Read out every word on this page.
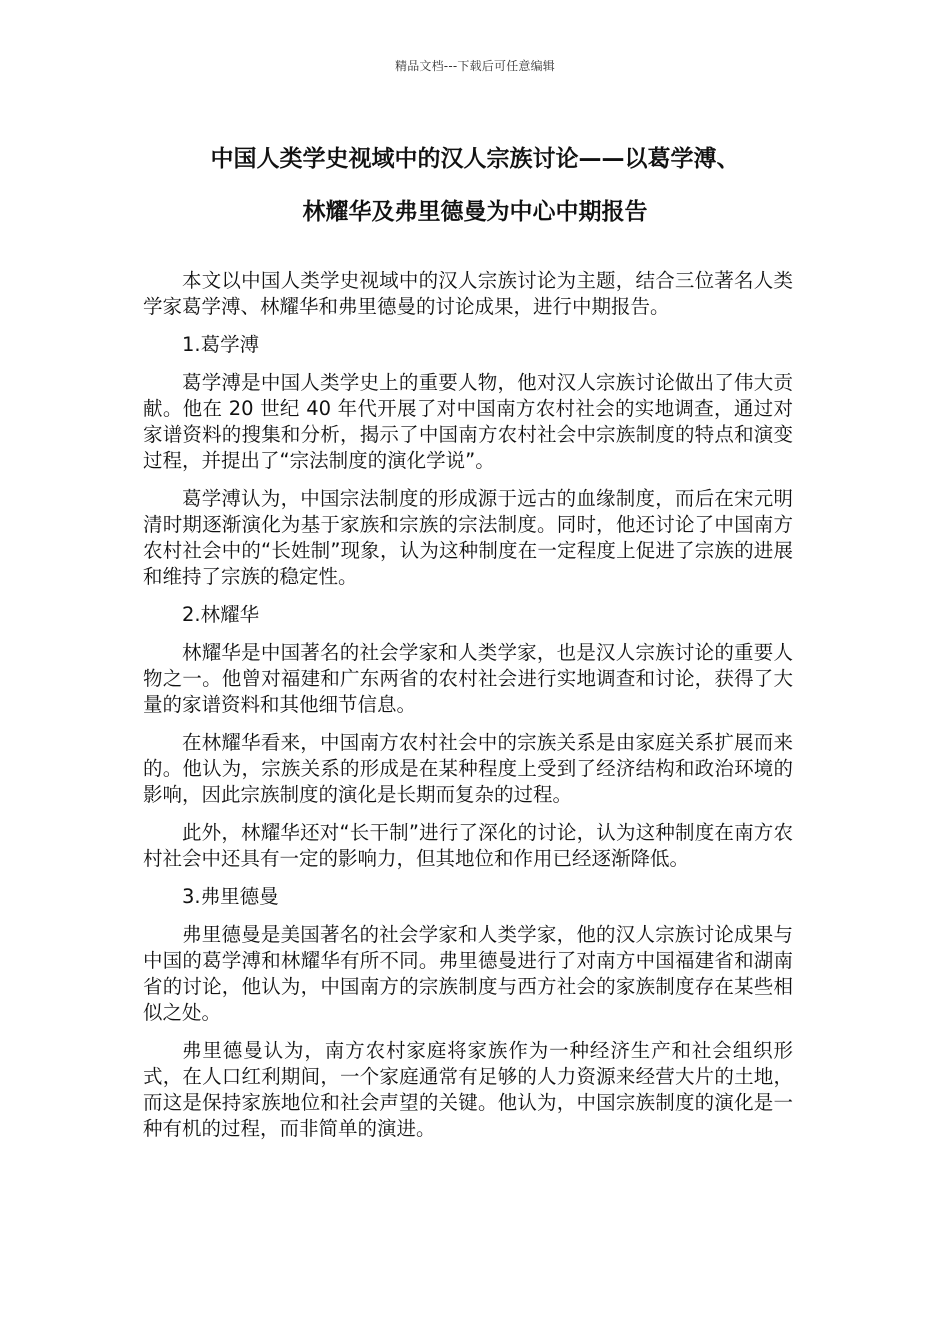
精品文档---下载后可任意编辑
中国人类学史视域中的汉人宗族讨论——以葛学溥、
林耀华及弗里德曼为中心中期报告

本文以中国人类学史视域中的汉人宗族讨论为主题，结合三位著名人类学家葛学溥、林耀华和弗里德曼的讨论成果，进行中期报告。

1.葛学溥

葛学溥是中国人类学史上的重要人物，他对汉人宗族讨论做出了伟大贡献。他在 20 世纪 40 年代开展了对中国南方农村社会的实地调查，通过对家谱资料的搜集和分析，揭示了中国南方农村社会中宗族制度的特点和演变过程，并提出了“宗法制度的演化学说”。

葛学溥认为，中国宗法制度的形成源于远古的血缘制度，而后在宋元明清时期逐渐演化为基于家族和宗族的宗法制度。同时，他还讨论了中国南方农村社会中的“长姓制”现象，认为这种制度在一定程度上促进了宗族的进展和维持了宗族的稳定性。

2.林耀华

林耀华是中国著名的社会学家和人类学家，也是汉人宗族讨论的重要人物之一。他曾对福建和广东两省的农村社会进行实地调查和讨论，获得了大量的家谱资料和其他细节信息。

在林耀华看来，中国南方农村社会中的宗族关系是由家庭关系扩展而来的。他认为，宗族关系的形成是在某种程度上受到了经济结构和政治环境的影响，因此宗族制度的演化是长期而复杂的过程。

此外，林耀华还对“长干制”进行了深化的讨论，认为这种制度在南方农村社会中还具有一定的影响力，但其地位和作用已经逐渐降低。

3.弗里德曼

弗里德曼是美国著名的社会学家和人类学家，他的汉人宗族讨论成果与中国的葛学溥和林耀华有所不同。弗里德曼进行了对南方中国福建省和湖南省的讨论，他认为，中国南方的宗族制度与西方社会的家族制度存在某些相似之处。

弗里德曼认为，南方农村家庭将家族作为一种经济生产和社会组织形式，在人口红利期间，一个家庭通常有足够的人力资源来经营大片的土地，而这是保持家族地位和社会声望的关键。他认为，中国宗族制度的演化是一种有机的过程，而非简单的演进。
